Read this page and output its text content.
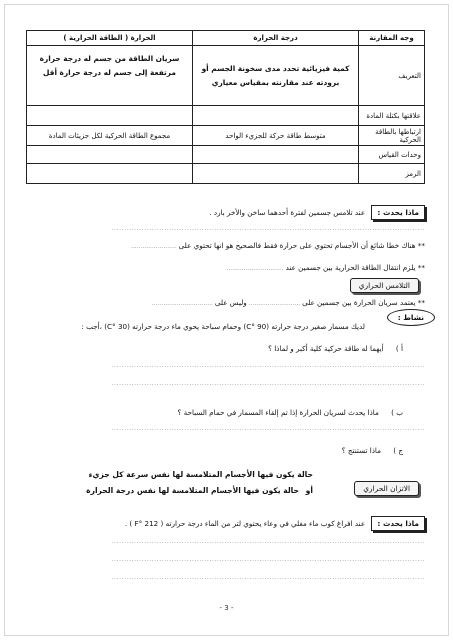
وجه المقارنة	درجة الحرارة	الحرارة ( الطاقة الحرارية )
التعريف	كمية فيزيائية تحدد مدى سخونة الجسم أو برودته عند مقارنته بمقياس معياري	سريان الطاقة من جسم له درجة حرارة مرتفعة إلى جسم له درجة حرارة أقل
علاقتها بكتلة المادة		
ارتباطها بالطاقة الحركية	متوسط طاقة حركة للجزيء الواحد	مجموع الطاقة الحركية لكل جزيئات المادة
وحدات القياس		
الرمز		
ماذا يحدث : عند تلامس جسمين لفترة أحدهما ساخن والأخر بارد .
.............................................................................................................................
** هناك خطا شائع أن الأجسام تحتوي على حرارة فقط فالصحيح هو انها تحتوي على ........................
** يلزم انتقال الطاقة الحرارية بين جسمين عند ..............................
التلامس الحراري
** يعتمد سريان الحرارة بين جسمين على ........................... وليس على ................................
نشاط :
لديك مسمار صغير درجة حرارته (90 °C) وحمام سباحة يحوي ماء درجة حرارته (30 °C) ،أجب :
أ ) أيهما له طاقة حركية كلية أكبر و لماذا ؟
.............................................................................................................................
.............................................................................................................................
ب ) ماذا يحدث لسريان الحرارة إذا تم إلقاء المسمار في حمام السباحة ؟
.............................................................................................................................
ج ) ماذا تستنتج ؟
الاتزان الحراري
حالة يكون فيها الأجسام المتلامسة لها نفس سرعة كل جزيء
أو حالة يكون فيها الأجسام المتلامسة لها نفس درجة الحرارة
ماذا يحدث : عند افراغ كوب ماء مغلي في وعاء يحتوي لتر من الماء درجة حرارته ( 212 °F ) .
.............................................................................................................................
.............................................................................................................................
.............................................................................................................................
- 3 -
